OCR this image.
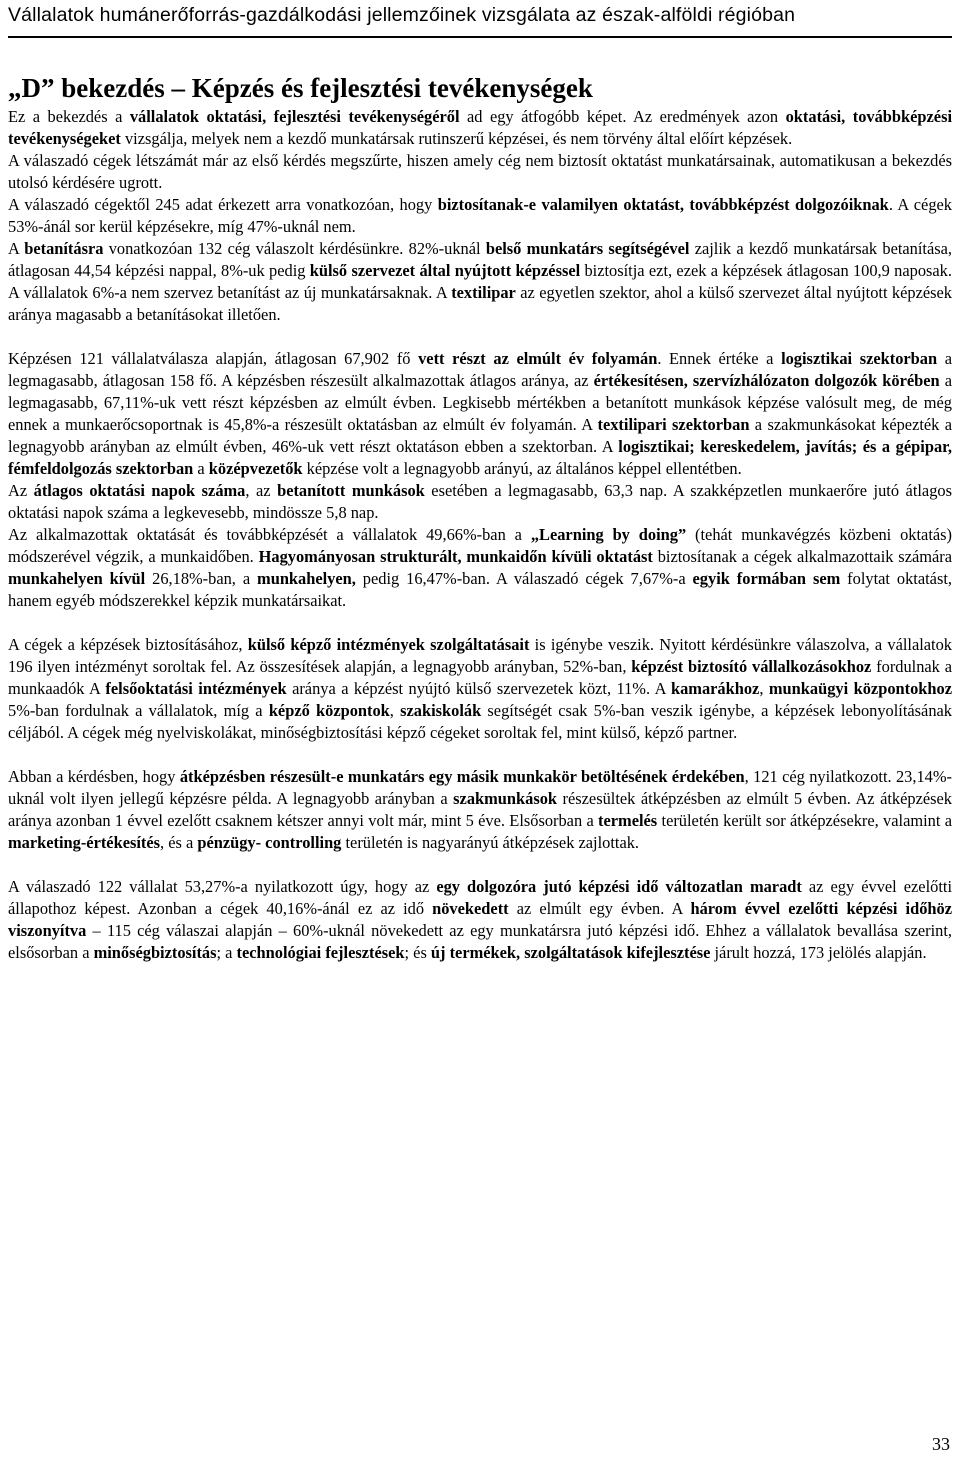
Vállalatok humánerőforrás-gazdálkodási jellemzőinek vizsgálata az észak-alföldi régióban
„D” bekezdés – Képzés és fejlesztési tevékenységek

Ez a bekezdés a vállalatok oktatási, fejlesztési tevékenységéről ad egy átfogóbb képet. Az eredmények azon oktatási, továbbképzési tevékenységeket vizsgálja, melyek nem a kezdő munkatársak rutinszerű képzései, és nem törvény által előírt képzések.

A válaszadó cégek létszámát már az első kérdés megszűrte, hiszen amely cég nem biztosít oktatást munkatársainak, automatikusan a bekezdés utolsó kérdésére ugrott.

A válaszadó cégektől 245 adat érkezett arra vonatkozóan, hogy biztosítanak-e valamilyen oktatást, továbbképzést dolgozóiknak. A cégek 53%-ánál sor kerül képzésekre, míg 47%-uknál nem.

A betanításra vonatkozóan 132 cég válaszolt kérdésünkre. 82%-uknál belső munkatárs segítségével zajlik a kezdő munkatársak betanítása, átlagosan 44,54 képzési nappal, 8%-uk pedig külső szervezet által nyújtott képzéssel biztosítja ezt, ezek a képzések átlagosan 100,9 naposak. A vállalatok 6%-a nem szervez betanítást az új munkatársaknak. A textilipar az egyetlen szektor, ahol a külső szervezet által nyújtott képzések aránya magasabb a betanításokat illetően.

Képzésen 121 vállalatválasza alapján, átlagosan 67,902 fő vett részt az elmúlt év folyamán. Ennek értéke a logisztikai szektorban a legmagasabb, átlagosan 158 fő. A képzésben részesült alkalmazottak átlagos aránya, az értékesítésen, szervízhálózaton dolgozók körében a legmagasabb, 67,11%-uk vett részt képzésben az elmúlt évben. Legkisebb mértékben a betanított munkások képzése valósult meg, de még ennek a munkaerőcsoportnak is 45,8%-a részesült oktatásban az elmúlt év folyamán. A textilipari szektorban a szakmunkásokat képezték a legnagyobb arányban az elmúlt évben, 46%-uk vett részt oktatáson ebben a szektorban. A logisztikai; kereskedelem, javítás; és a gépipar, fémfeldolgozás szektorban a középvezetők képzése volt a legnagyobb arányú, az általános képpel ellentétben.

Az átlagos oktatási napok száma, az betanított munkások esetében a legmagasabb, 63,3 nap. A szakképzetlen munkaerőre jutó átlagos oktatási napok száma a legkevesebb, mindössze 5,8 nap.

Az alkalmazottak oktatását és továbbképzését a vállalatok 49,66%-ban a „Learning by doing” (tehát munkavégzés közbeni oktatás) módszerével végzik, a munkaidőben. Hagyományosan strukturált, munkaidőn kívüli oktatást biztosítanak a cégek alkalmazottaik számára munkahelyen kívül 26,18%-ban, a munkahelyen, pedig 16,47%-ban. A válaszadó cégek 7,67%-a egyik formában sem folytat oktatást, hanem egyéb módszerekkel képzik munkatársaikat.

A cégek a képzések biztosításához, külső képző intézmények szolgáltatásait is igénybe veszik. Nyitott kérdésünkre válaszolva, a vállalatok 196 ilyen intézményt soroltak fel. Az összesítések alapján, a legnagyobb arányban, 52%-ban, képzést biztosító vállalkozásokhoz fordulnak a munkaadók A felsőoktatási intézmények aránya a képzést nyújtó külső szervezetek közt, 11%. A kamarákhoz, munkaügyi központokhoz 5%-ban fordulnak a vállalatok, míg a képző központok, szakiskolák segítségét csak 5%-ban veszik igénybe, a képzések lebonyolításának céljából. A cégek még nyelviskolákat, minőségbiztosítási képző cégeket soroltak fel, mint külső, képző partner.

Abban a kérdésben, hogy átképzésben részesült-e munkatárs egy másik munkakör betöltésének érdekében, 121 cég nyilatkozott. 23,14%-uknál volt ilyen jellegű képzésre példa. A legnagyobb arányban a szakmunkások részesültek átképzésben az elmúlt 5 évben. Az átképzések aránya azonban 1 évvel ezelőtt csaknem kétszer annyi volt már, mint 5 éve. Elsősorban a termelés területén került sor átképzésekre, valamint a marketing-értékesítés, és a pénzügy- controlling területén is nagyarányú átképzések zajlottak.

A válaszadó 122 vállalat 53,27%-a nyilatkozott úgy, hogy az egy dolgozóra jutó képzési idő változatlan maradt az egy évvel ezelőtti állapothoz képest. Azonban a cégek 40,16%-ánál ez az idő növekedett az elmúlt egy évben. A három évvel ezelőtti képzési időhöz viszonyítva – 115 cég válaszai alapján – 60%-uknál növekedett az egy munkatársra jutó képzési idő. Ehhez a vállalatok bevallása szerint, elsősorban a minőségbiztosítás; a technológiai fejlesztések; és új termékek, szolgáltatások kifejlesztése járult hozzá, 173 jelölés alapján.

33
